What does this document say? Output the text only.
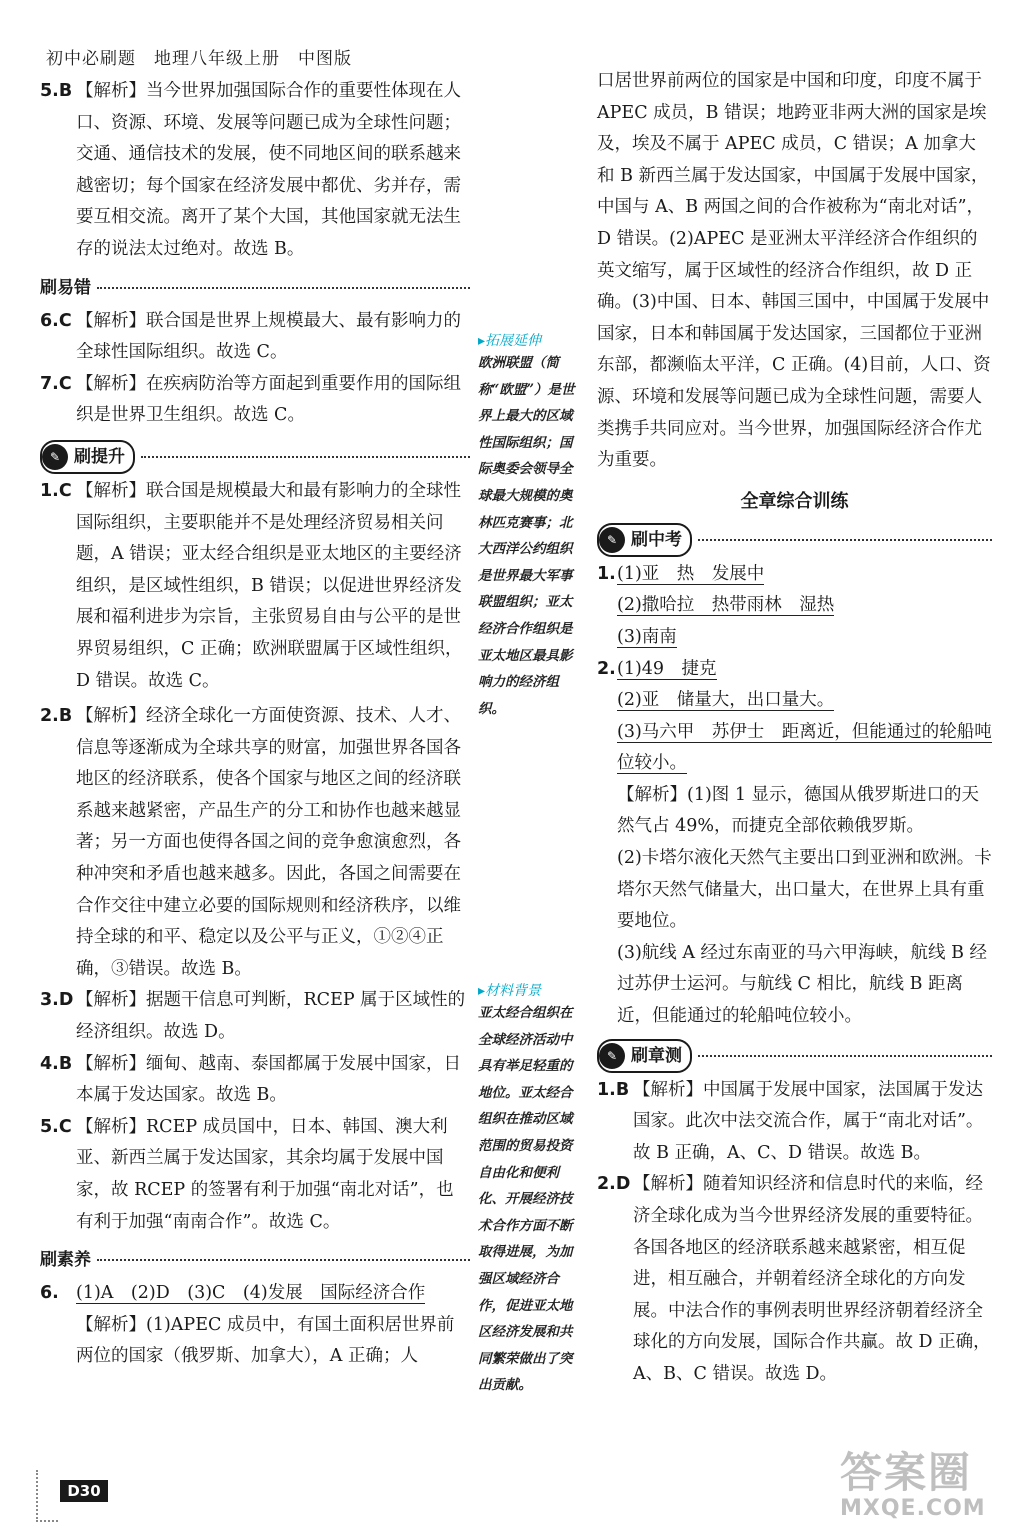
初中必刷题　地理八年级上册　中图版
5.B 【解析】当今世界加强国际合作的重要性体现在人口、资源、环境、发展等问题已成为全球性问题；交通、通信技术的发展，使不同地区间的联系越来越密切；每个国家在经济发展中都优、劣并存，需要互相交流。离开了某个大国，其他国家就无法生存的说法太过绝对。故选 B。
刷易错
6.C 【解析】联合国是世界上规模最大、最有影响力的全球性国际组织。故选 C。
7.C 【解析】在疾病防治等方面起到重要作用的国际组织是世界卫生组织。故选 C。
✎ 刷提升
1.C 【解析】联合国是规模最大和最有影响力的全球性国际组织，主要职能并不是处理经济贸易相关问题，A 错误；亚太经合组织是亚太地区的主要经济组织，是区域性组织，B 错误；以促进世界经济发展和福利进步为宗旨，主张贸易自由与公平的是世界贸易组织，C 正确；欧洲联盟属于区域性组织，D 错误。故选 C。
2.B 【解析】经济全球化一方面使资源、技术、人才、信息等逐渐成为全球共享的财富，加强世界各国各地区的经济联系，使各个国家与地区之间的经济联系越来越紧密，产品生产的分工和协作也越来越显著；另一方面也使得各国之间的竞争愈演愈烈，各种冲突和矛盾也越来越多。因此，各国之间需要在合作交往中建立必要的国际规则和经济秩序，以维持全球的和平、稳定以及公平与正义，①②④正确，③错误。故选 B。
3.D 【解析】据题干信息可判断，RCEP 属于区域性的经济组织。故选 D。
4.B 【解析】缅甸、越南、泰国都属于发展中国家，日本属于发达国家。故选 B。
5.C 【解析】RCEP 成员国中，日本、韩国、澳大利亚、新西兰属于发达国家，其余均属于发展中国家，故 RCEP 的签署有利于加强“南北对话”，也有利于加强“南南合作”。故选 C。
刷素养
6. (1)A　(2)D　(3)C　(4)发展　国际经济合作
【解析】(1)APEC 成员中，有国土面积居世界前两位的国家（俄罗斯、加拿大），A 正确；人
▸拓展延伸
欧洲联盟（简称“欧盟”）是世界上最大的区域性国际组织；国际奥委会领导全球最大规模的奥林匹克赛事；北大西洋公约组织是世界最大军事联盟组织；亚太经济合作组织是亚太地区最具影响力的经济组织。
▸材料背景
亚太经合组织在全球经济活动中具有举足轻重的地位。亚太经合组织在推动区域范围的贸易投资自由化和便利化、开展经济技术合作方面不断取得进展，为加强区域经济合作，促进亚太地区经济发展和共同繁荣做出了突出贡献。
口居世界前两位的国家是中国和印度，印度不属于 APEC 成员，B 错误；地跨亚非两大洲的国家是埃及，埃及不属于 APEC 成员，C 错误；A 加拿大和 B 新西兰属于发达国家，中国属于发展中国家，中国与 A、B 两国之间的合作被称为“南北对话”，D 错误。(2)APEC 是亚洲太平洋经济合作组织的英文缩写，属于区域性的经济合作组织，故 D 正确。(3)中国、日本、韩国三国中，中国属于发展中国家，日本和韩国属于发达国家，三国都位于亚洲东部，都濒临太平洋，C 正确。(4)目前，人口、资源、环境和发展等问题已成为全球性问题，需要人类携手共同应对。当今世界，加强国际经济合作尤为重要。
全章综合训练
✎ 刷中考
1. (1)亚　热　发展中
(2)撒哈拉　热带雨林　湿热
(3)南南
2. (1)49　捷克
(2)亚　储量大，出口量大。
(3)马六甲　苏伊士　距离近，但能通过的轮船吨位较小。
【解析】(1)图 1 显示，德国从俄罗斯进口的天然气占 49%，而捷克全部依赖俄罗斯。
(2)卡塔尔液化天然气主要出口到亚洲和欧洲。卡塔尔天然气储量大，出口量大，在世界上具有重要地位。
(3)航线 A 经过东南亚的马六甲海峡，航线 B 经过苏伊士运河。与航线 C 相比，航线 B 距离近，但能通过的轮船吨位较小。
✎ 刷章测
1.B 【解析】中国属于发展中国家，法国属于发达国家。此次中法交流合作，属于“南北对话”。故 B 正确，A、C、D 错误。故选 B。
2.D 【解析】随着知识经济和信息时代的来临，经济全球化成为当今世界经济发展的重要特征。各国各地区的经济联系越来越紧密，相互促进，相互融合，并朝着经济全球化的方向发展。中法合作的事例表明世界经济朝着经济全球化的方向发展，国际合作共赢。故 D 正确，A、B、C 错误。故选 D。
D30	答案圈
MXQE.COM
